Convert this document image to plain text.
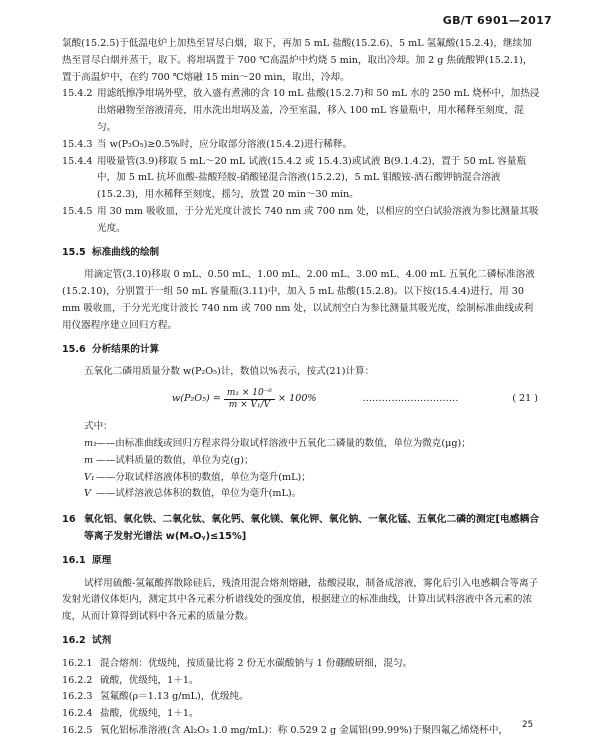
GB/T 6901—2017

氯酸(15.2.5)于低温电炉上加热至冒尽白烟，取下，再加 5 mL 盐酸(15.2.6)、5 mL 氢氟酸(15.2.4)，继续加热至冒尽白烟并蒸干，取下。将坩埚置于 700 ℃高温炉中灼烧 5 min，取出冷却。加 2 g 焦硫酸钾(15.2.1)，置于高温炉中，在约 700 ℃熔融 15 min～20 min，取出，冷却。

15.4.2 用滤纸擦净坩埚外壁，放入盛有煮沸的含 10 mL 盐酸(15.2.7)和 50 mL 水的 250 mL 烧杯中，加热浸出熔融物至溶液清亮，用水洗出坩埚及盖，冷至室温，移入 100 mL 容量瓶中，用水稀释至刻度，混匀。
15.4.3 当 w(P₂O₅)≥0.5%时，应分取部分溶液(15.4.2)进行稀释。
15.4.4 用吸量管(3.9)移取 5 mL～20 mL 试液(15.4.2 或 15.4.3)或试液 B(9.1.4.2)，置于 50 mL 容量瓶中，加 5 mL 抗坏血酸-盐酸羟胺-硝酸铋混合溶液(15.2.2)，5 mL 钼酸铵-酒石酸钾钠混合溶液(15.2.3)，用水稀释至刻度，摇匀，放置 20 min～30 min。
15.4.5 用 30 mm 吸收皿，于分光光度计波长 740 nm 或 700 nm 处，以相应的空白试验溶液为参比测量其吸光度。
15.5 标准曲线的绘制

用滴定管(3.10)移取 0 mL、0.50 mL、1.00 mL、2.00 mL、3.00 mL、4.00 mL 五氧化二磷标准溶液(15.2.10)，分别置于一组 50 mL 容量瓶(3.11)中，加入 5 mL 盐酸(15.2.8)。以下按(15.4.4)进行，用 30 mm 吸收皿，于分光光度计波长 740 nm 或 700 nm 处，以试剂空白为参比测量其吸光度，绘制标准曲线或利用仪器程序建立回归方程。

15.6 分析结果的计算

五氧化二磷用质量分数 w(P₂O₅)计，数值以%表示，按式(21)计算：

$w(P_2O_5) = \frac{\text{m₁ × 10⁻⁶}}{\text{m × V₁/V}} \times 100\%$	…………………………	( 21 )
式中：
m₁ ——由标准曲线或回归方程求得分取试样溶液中五氧化二磷量的数值，单位为微克(μg)；
m ——试料质量的数值，单位为克(g)；
V₁ ——分取试样溶液体积的数值，单位为毫升(mL)；
V ——试样溶液总体积的数值，单位为毫升(mL)。
16 氧化铝、氧化铁、二氧化钛、氧化钙、氧化镁、氧化钾、氧化钠、一氧化锰、五氧化二磷的测定[电感耦合等离子发射光谱法 w(MₓOᵧ)≤15%]
16.1 原理

试样用硫酸-氢氟酸挥散除硅后，残渣用混合熔剂熔融，盐酸浸取，制备成溶液，雾化后引入电感耦合等离子发射光谱仪体炬内，测定其中各元素分析谱线处的强度值，根据建立的标准曲线，计算出试料溶液中各元素的浓度，从而计算得到试料中各元素的质量分数。

16.2 试剂
16.2.1 混合熔剂：优级纯，按质量比将 2 份无水碳酸钠与 1 份硼酸研细，混匀。
16.2.2 硫酸，优级纯，1＋1。
16.2.3 氢氟酸(ρ＝1.13 g/mL)，优级纯。
16.2.4 盐酸，优级纯，1＋1。
16.2.5 氧化铝标准溶液(含 Al₂O₃ 1.0 mg/mL)：称 0.529 2 g 金属铝(99.99%)于聚四氟乙烯烧杯中，	25
